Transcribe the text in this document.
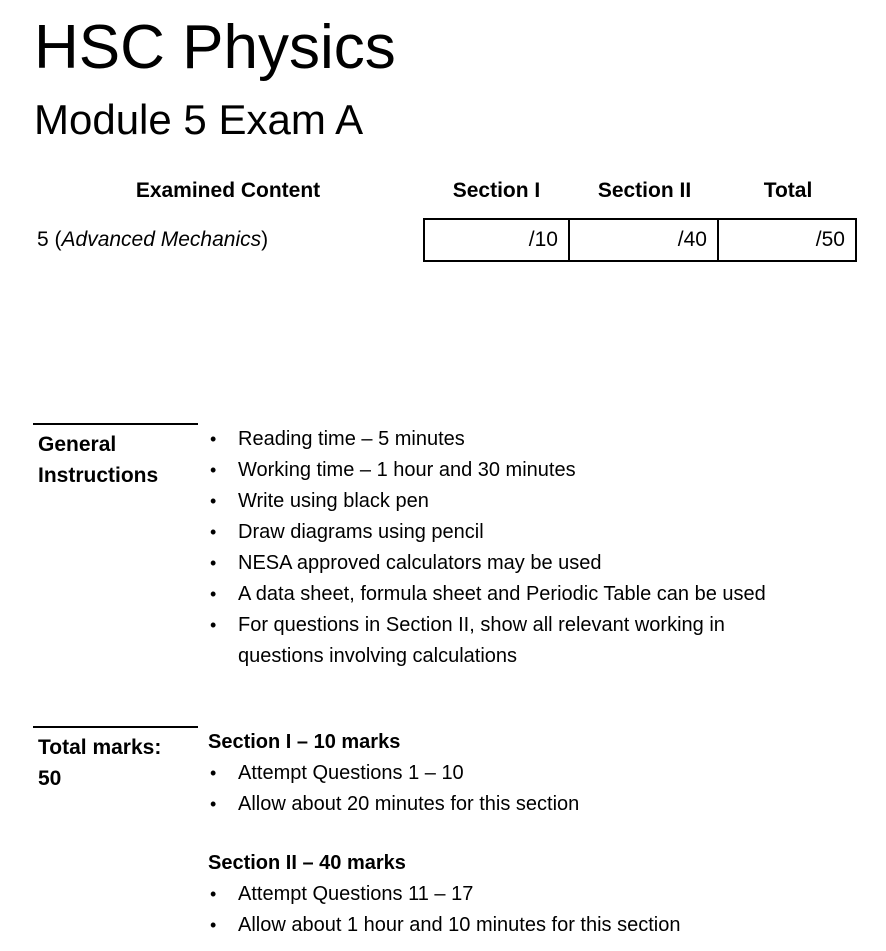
HSC Physics
Module 5 Exam A
Examined Content	Section I	Section II	Total
5 ( Advanced Mechanics )	/10	/40	/50
General
Instructions
•	Reading time – 5 minutes
•	Working time – 1 hour and 30 minutes
•	Write using black pen
•	Draw diagrams using pencil
•	NESA approved calculators may be used
•	A data sheet, formula sheet and Periodic Table can be used
•	For questions in Section II, show all relevant working in questions involving calculations
Total marks:
50
Section I – 10 marks
•	Attempt Questions 1 – 10
•	Allow about 20 minutes for this section
Section II – 40 marks
•	Attempt Questions 11 – 17
•	Allow about 1 hour and 10 minutes for this section
